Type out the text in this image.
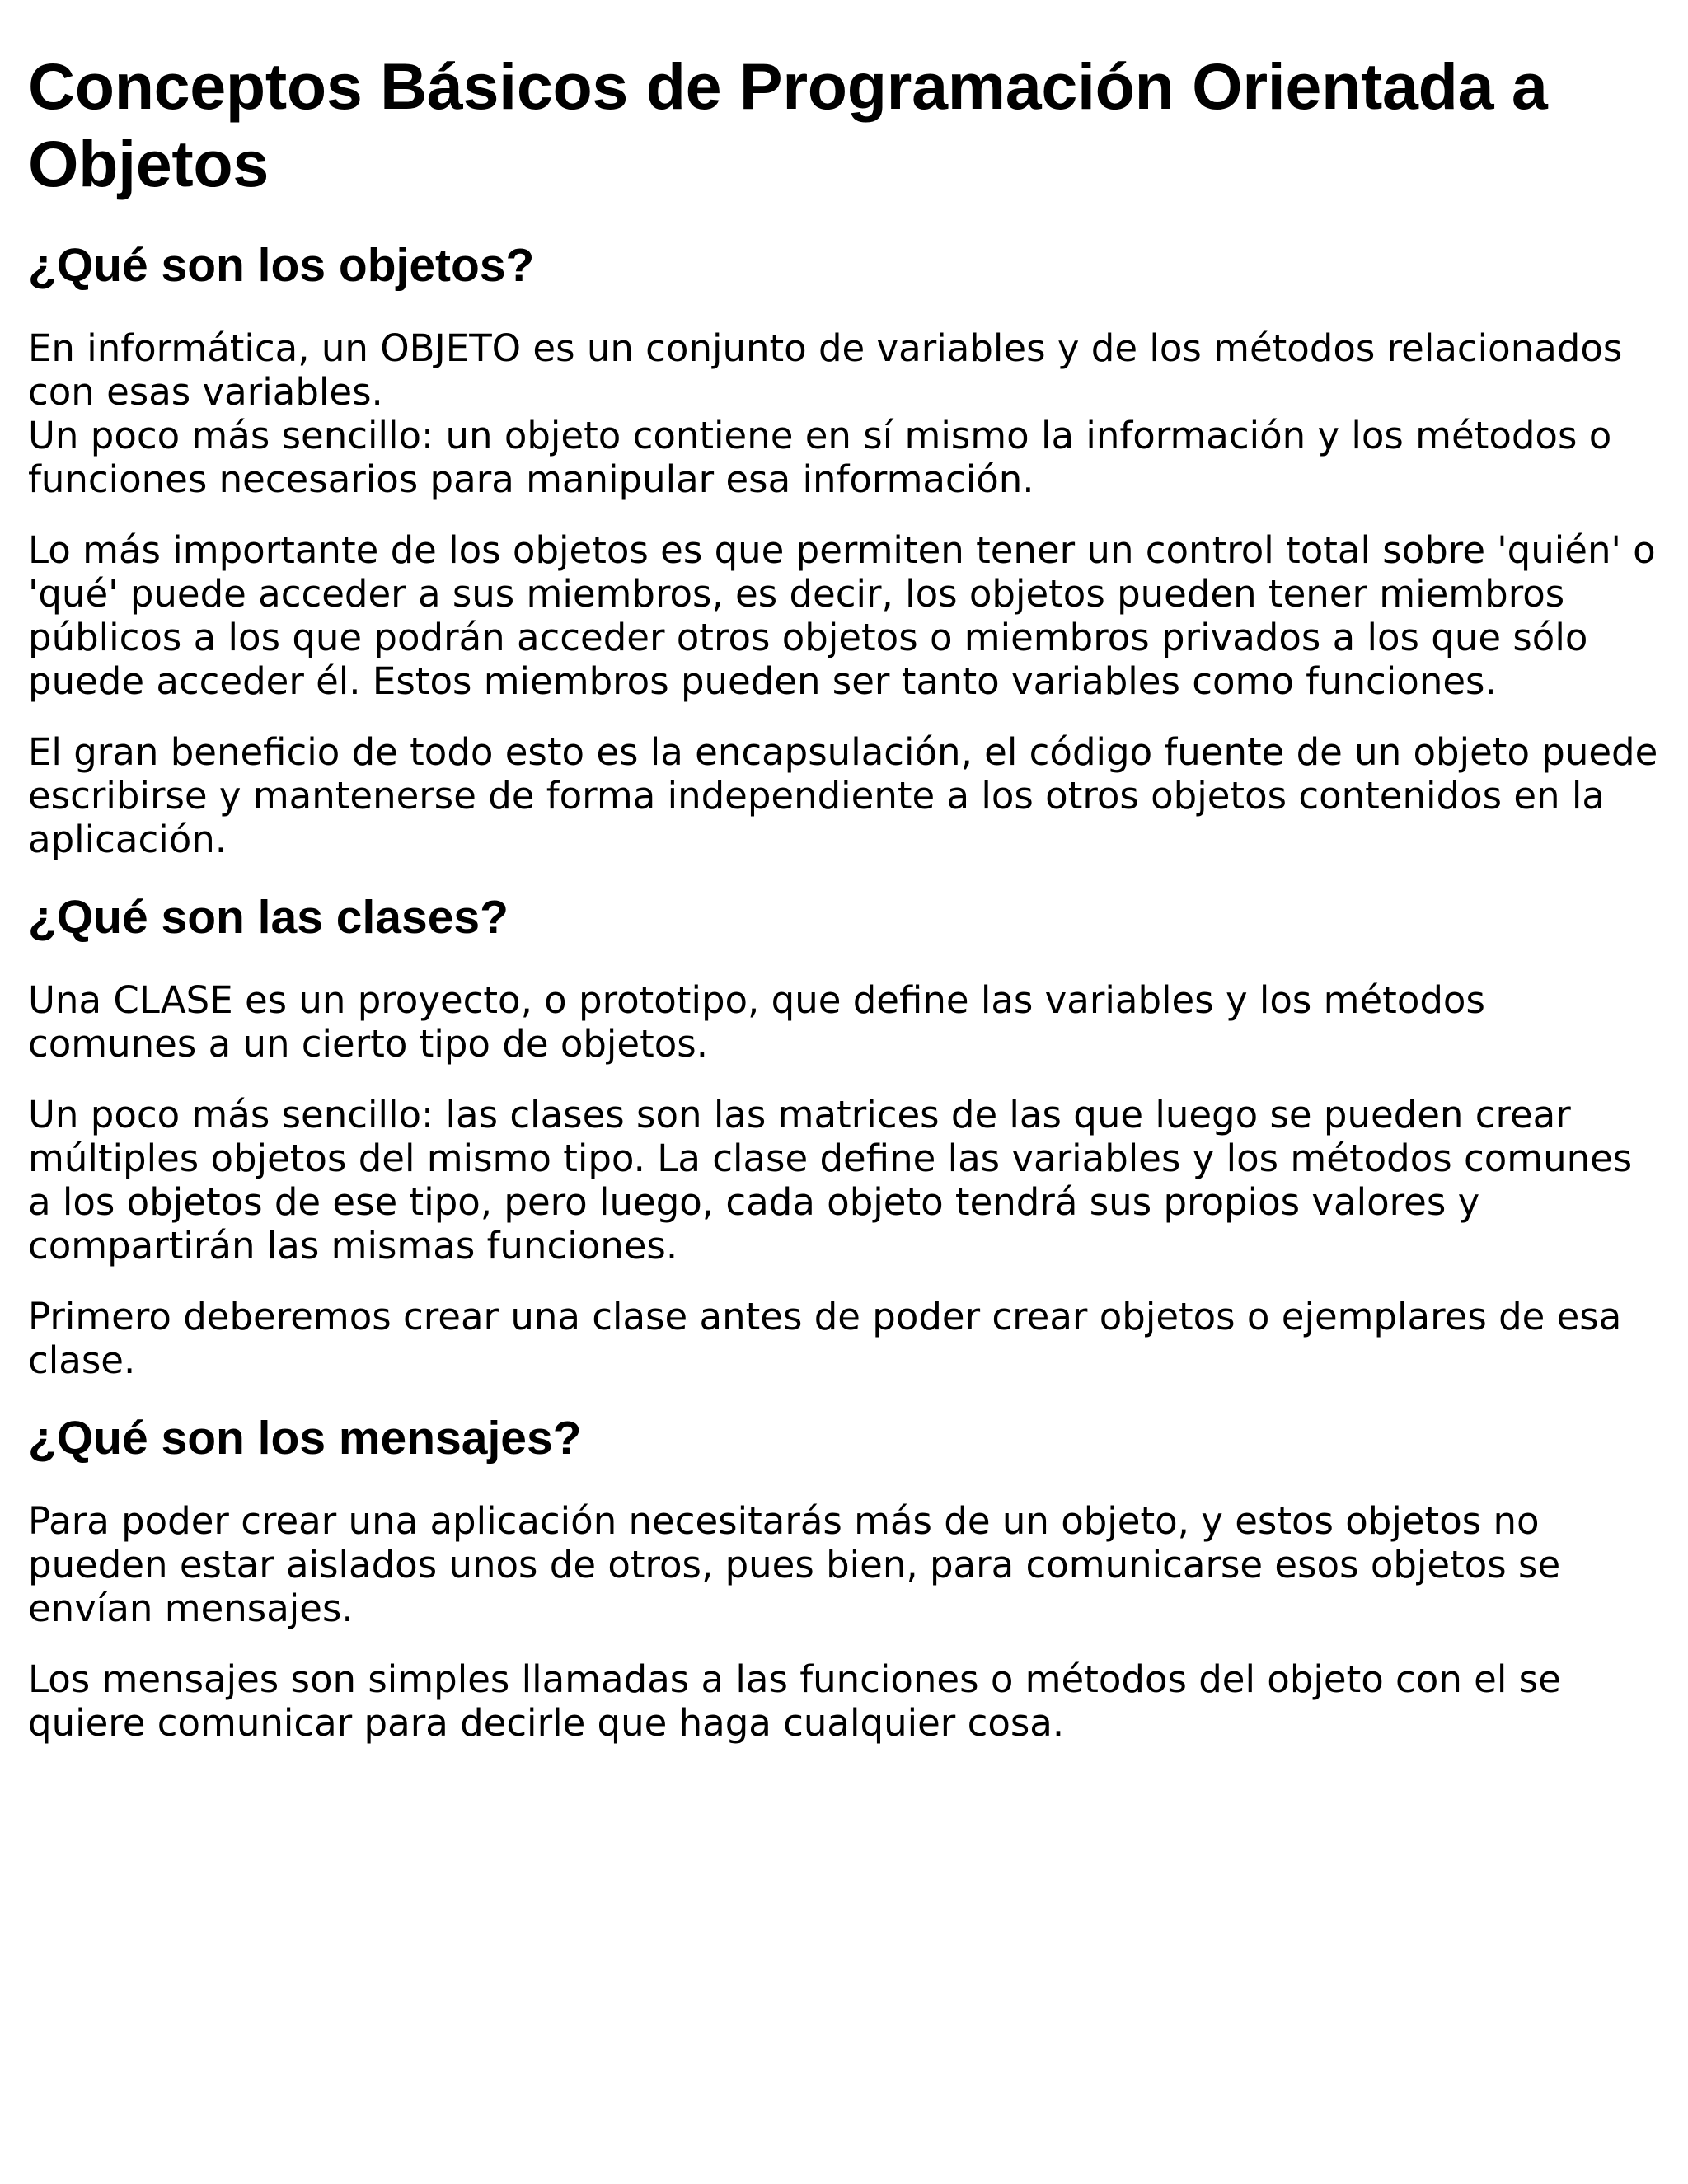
Conceptos Básicos de Programación Orientada a Objetos
¿Qué son los objetos?

En informática, un OBJETO es un conjunto de variables y de los métodos relacionados con esas variables.
Un poco más sencillo: un objeto contiene en sí mismo la información y los métodos o funciones necesarios para manipular esa información.

Lo más importante de los objetos es que permiten tener un control total sobre 'quién' o 'qué' puede acceder a sus miembros, es decir, los objetos pueden tener miembros públicos a los que podrán acceder otros objetos o miembros privados a los que sólo puede acceder él. Estos miembros pueden ser tanto variables como funciones.

El gran beneficio de todo esto es la encapsulación, el código fuente de un objeto puede escribirse y mantenerse de forma independiente a los otros objetos contenidos en la aplicación.

¿Qué son las clases?

Una CLASE es un proyecto, o prototipo, que define las variables y los métodos comunes a un cierto tipo de objetos.

Un poco más sencillo: las clases son las matrices de las que luego se pueden crear múltiples objetos del mismo tipo. La clase define las variables y los métodos comunes a los objetos de ese tipo, pero luego, cada objeto tendrá sus propios valores y compartirán las mismas funciones.

Primero deberemos crear una clase antes de poder crear objetos o ejemplares de esa clase.

¿Qué son los mensajes?

Para poder crear una aplicación necesitarás más de un objeto, y estos objetos no pueden estar aislados unos de otros, pues bien, para comunicarse esos objetos se envían mensajes.

Los mensajes son simples llamadas a las funciones o métodos del objeto con el se quiere comunicar para decirle que haga cualquier cosa.
